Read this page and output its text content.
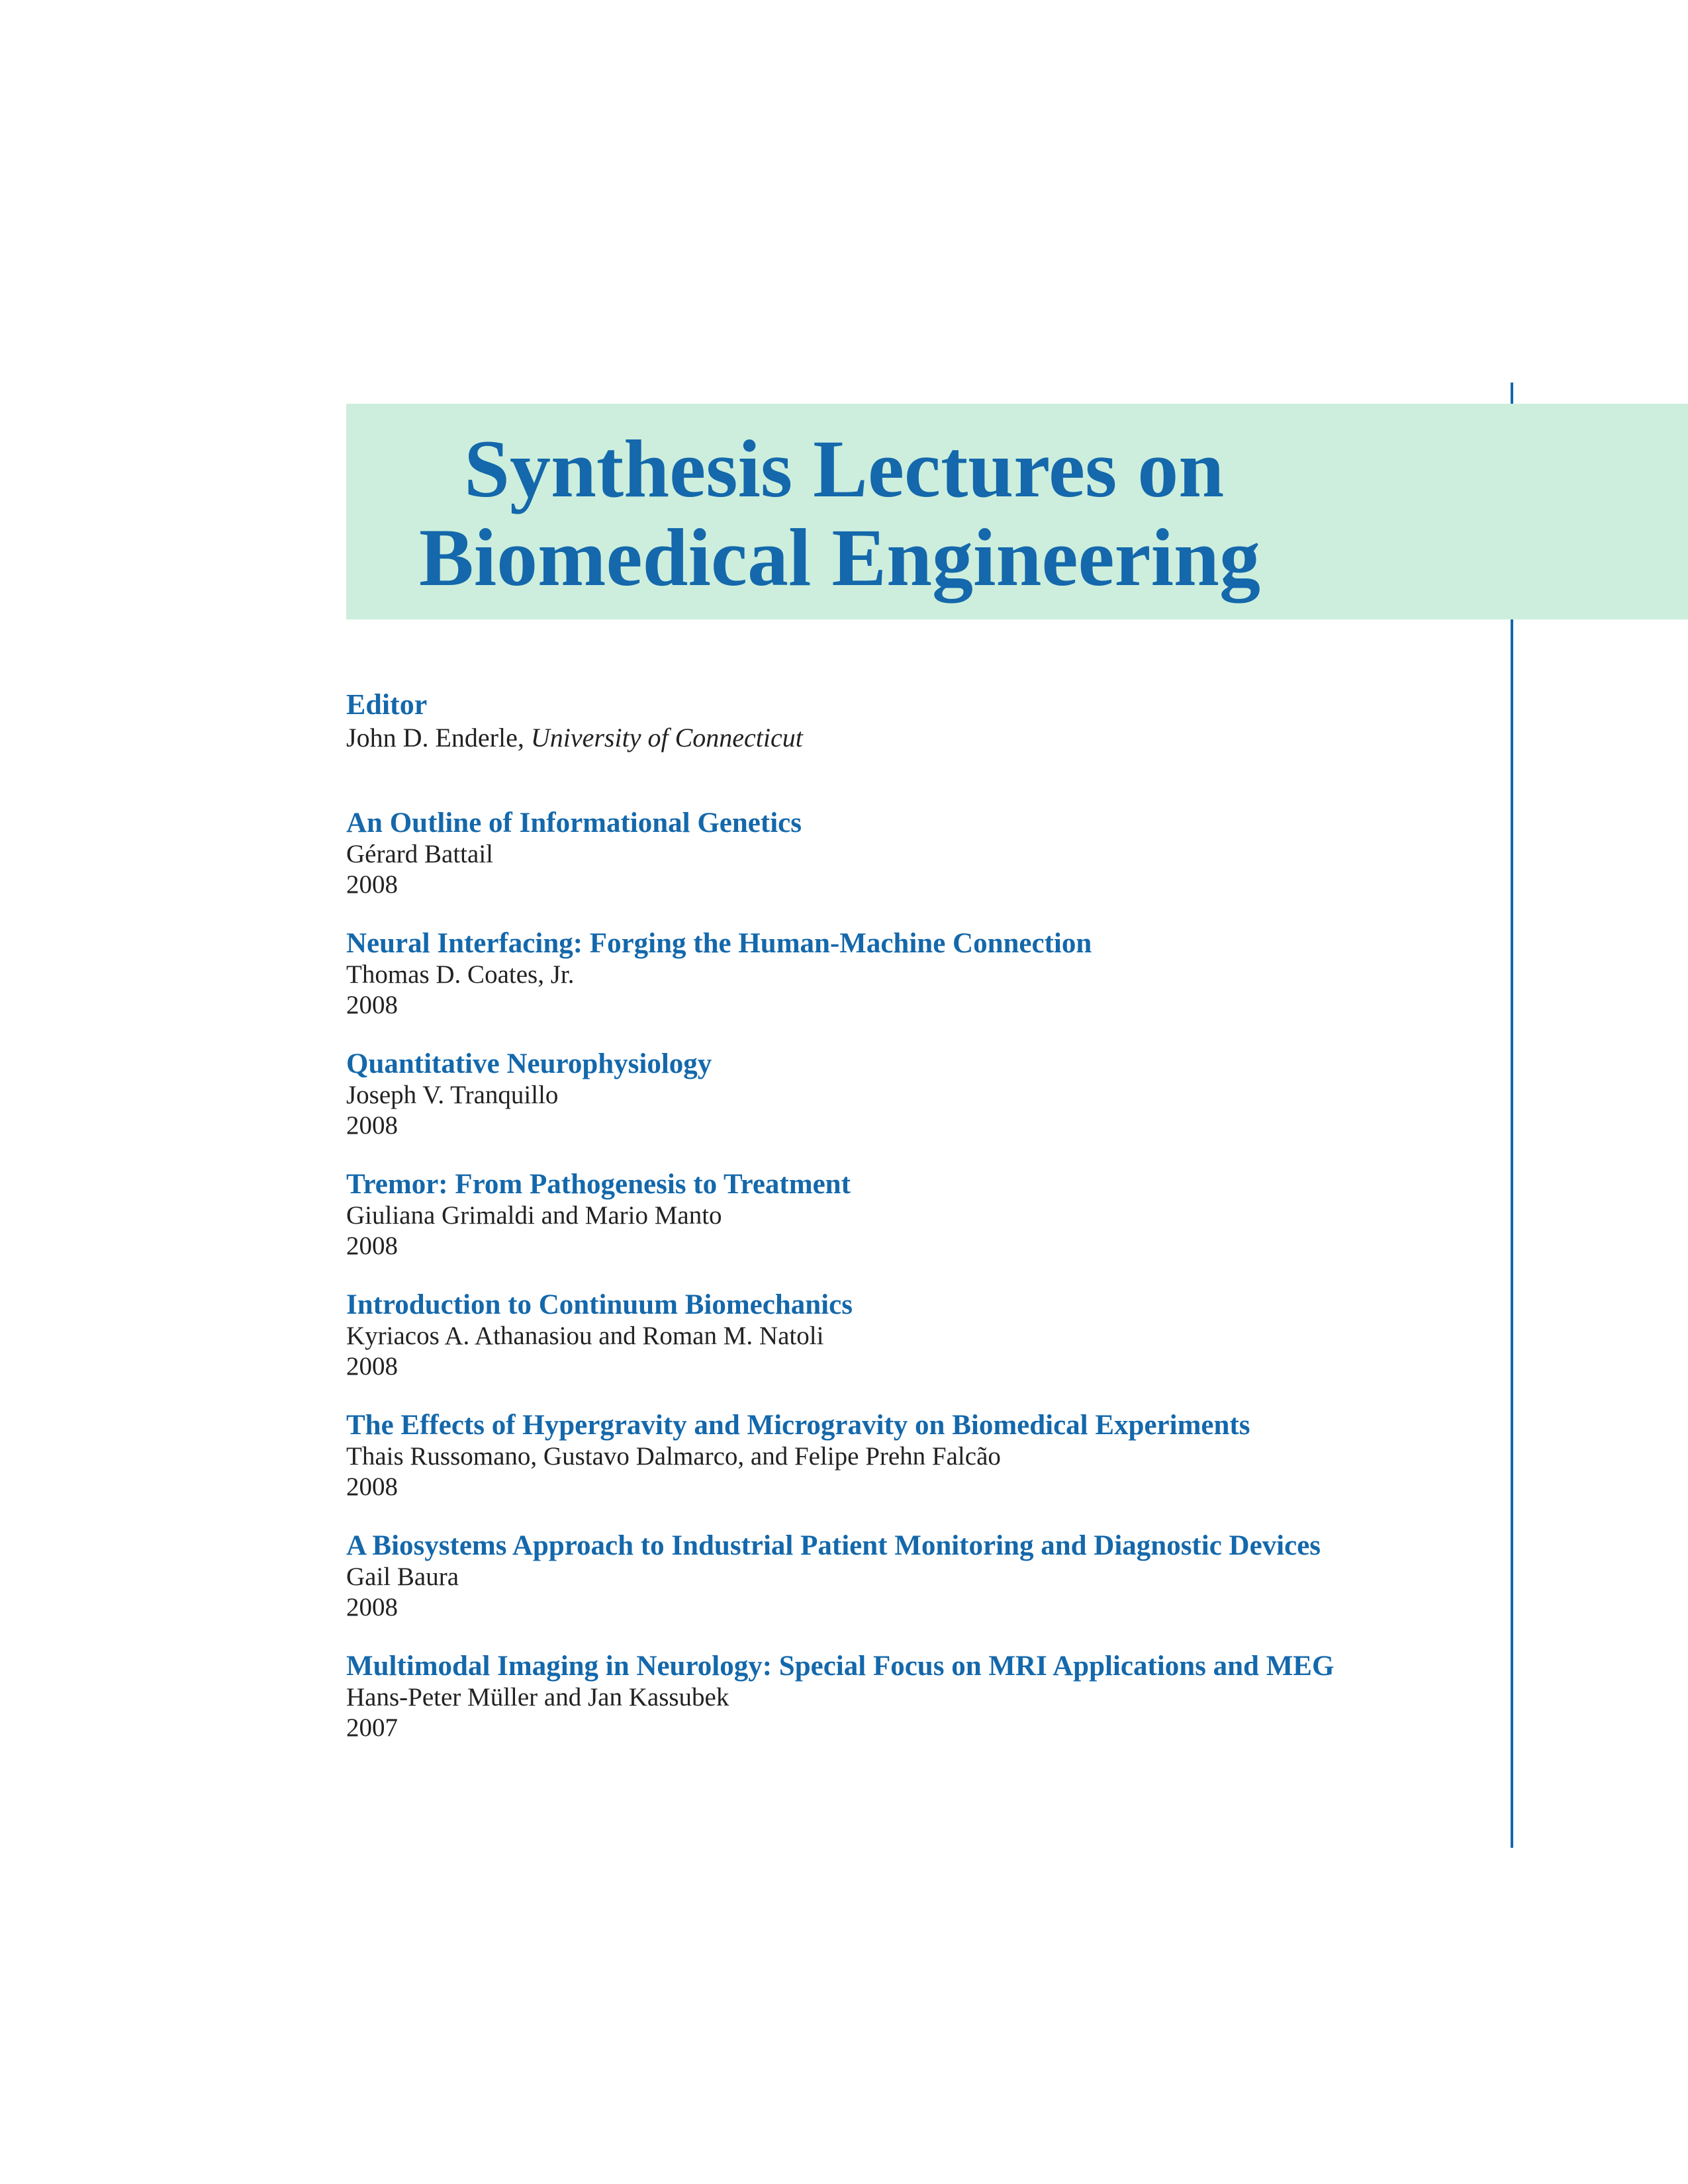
Synthesis Lectures on
Biomedical Engineering
Editor
John D. Enderle, University of Connecticut
An Outline of Informational Genetics
Gérard Battail
2008
Neural Interfacing: Forging the Human-Machine Connection
Thomas D. Coates, Jr.
2008
Quantitative Neurophysiology
Joseph V. Tranquillo
2008
Tremor: From Pathogenesis to Treatment
Giuliana Grimaldi and Mario Manto
2008
Introduction to Continuum Biomechanics
Kyriacos A. Athanasiou and Roman M. Natoli
2008
The Effects of Hypergravity and Microgravity on Biomedical Experiments
Thais Russomano, Gustavo Dalmarco, and Felipe Prehn Falcão
2008
A Biosystems Approach to Industrial Patient Monitoring and Diagnostic Devices
Gail Baura
2008
Multimodal Imaging in Neurology: Special Focus on MRI Applications and MEG
Hans-Peter Müller and Jan Kassubek
2007
